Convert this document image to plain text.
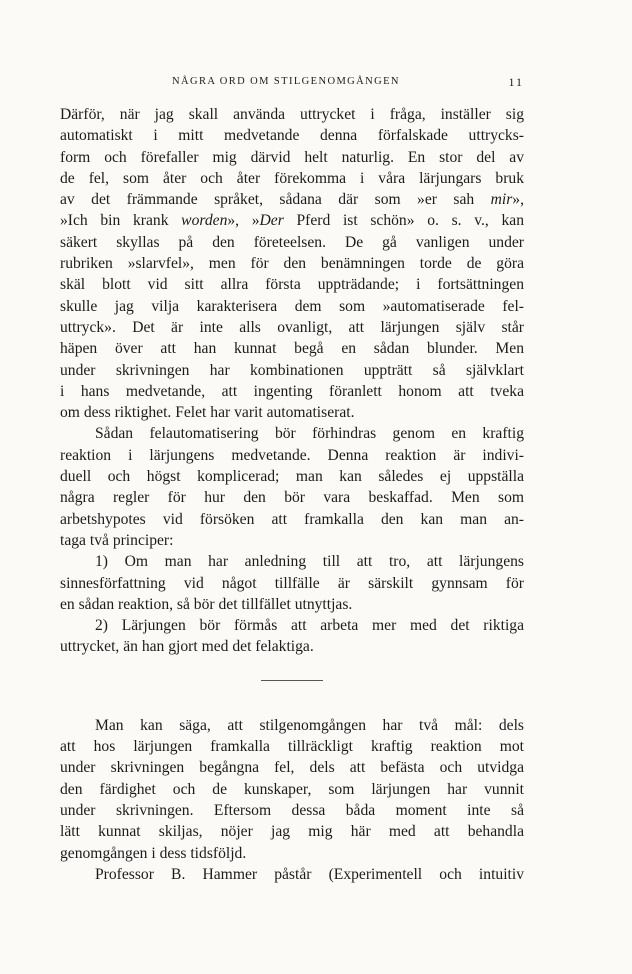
NÅGRA ORD OM STILGENOMGÅNGEN	11
Därför, när jag skall använda uttrycket i fråga, inställer sig
automatiskt i mitt medvetande denna förfalskade uttrycks-
form och förefaller mig därvid helt naturlig. En stor del av
de fel, som åter och åter förekomma i våra lärjungars bruk
av det främmande språket, sådana där som »er sah mir»,
»Ich bin krank worden», »Der Pferd ist schön» o. s. v., kan
säkert skyllas på den företeelsen. De gå vanligen under
rubriken »slarvfel», men för den benämningen torde de göra
skäl blott vid sitt allra första uppträdande; i fortsättningen
skulle jag vilja karakterisera dem som »automatiserade fel-
uttryck». Det är inte alls ovanligt, att lärjungen själv står
häpen över att han kunnat begå en sådan blunder. Men
under skrivningen har kombinationen uppträtt så självklart
i hans medvetande, att ingenting föranlett honom att tveka
om dess riktighet. Felet har varit automatiserat.
Sådan felautomatisering bör förhindras genom en kraftig
reaktion i lärjungens medvetande. Denna reaktion är indivi-
duell och högst komplicerad; man kan således ej uppställa
några regler för hur den bör vara beskaffad. Men som
arbetshypotes vid försöken att framkalla den kan man an-
taga två principer:
1) Om man har anledning till att tro, att lärjungens
sinnesförfattning vid något tillfälle är särskilt gynnsam för
en sådan reaktion, så bör det tillfället utnyttjas.
2) Lärjungen bör förmås att arbeta mer med det riktiga
uttrycket, än han gjort med det felaktiga.
Man kan säga, att stilgenomgången har två mål: dels
att hos lärjungen framkalla tillräckligt kraftig reaktion mot
under skrivningen begångna fel, dels att befästa och utvidga
den färdighet och de kunskaper, som lärjungen har vunnit
under skrivningen. Eftersom dessa båda moment inte så
lätt kunnat skiljas, nöjer jag mig här med att behandla
genomgången i dess tidsföljd.
Professor B. Hammer påstår (Experimentell och intuitiv
